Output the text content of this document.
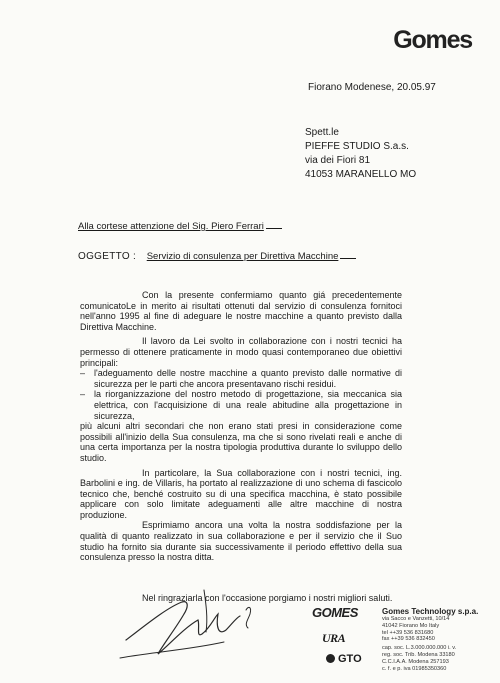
Gomes
Fiorano Modenese, 20.05.97
Spett.le
PIEFFE STUDIO S.a.s.
via dei Fiori 81
41053 MARANELLO MO
Alla cortese attenzione del Sig. Piero Ferrari
OGGETTO : Servizio di consulenza per Direttiva Macchine

Con la presente confermiamo quanto giá precedentemente comunicatoLe in merito ai risultati ottenuti dal servizio di consulenza fornitoci nell'anno 1995 al fine di adeguare le nostre macchine a quanto previsto dalla Direttiva Macchine.

Il lavoro da Lei svolto in collaborazione con i nostri tecnici ha permesso di ottenere praticamente in modo quasi contemporaneo due obiettivi principali:

– l'adeguamento delle nostre macchine a quanto previsto dalle normative di sicurezza per le parti che ancora presentavano rischi residui.
– la riorganizzazione del nostro metodo di progettazione, sia meccanica sia elettrica, con l'acquisizione di una reale abitudine alla progettazione in sicurezza,

più alcuni altri secondari che non erano stati presi in considerazione come possibili all'inizio della Sua consulenza, ma che si sono rivelati reali e anche di una certa importanza per la nostra tipologia produttiva durante lo sviluppo dello studio.

In particolare, la Sua collaborazione con i nostri tecnici, ing. Barbolini e ing. de Villaris, ha portato al realizzazione di uno schema di fascicolo tecnico che, benché costruito su di una specifica macchina, è stato possibile applicare con solo limitate adeguamenti alle altre macchine di nostra produzione.

Esprimiamo ancora una volta la nostra soddisfazione per la qualità di quanto realizzato in sua collaborazione e per il servizio che il Suo studio ha fornito sia durante sia successivamente il periodo effettivo della sua consulenza presso la nostra ditta.

Nel ringraziarla con l'occasione porgiamo i nostri migliori saluti.
GOMES	Gomes Technology s.p.a.
via Sacco e Vanzetti, 10/14
41042 Fiorano Mo Italy
tel ++39 536 831680
fax ++39 536 832450
cap. soc. L.3.000.000.000 i. v.
reg. soc. Trib. Modena 33180
C.C.I.A.A. Modena 257193
c. f. e p. iva 01985350360
URA
GTO
